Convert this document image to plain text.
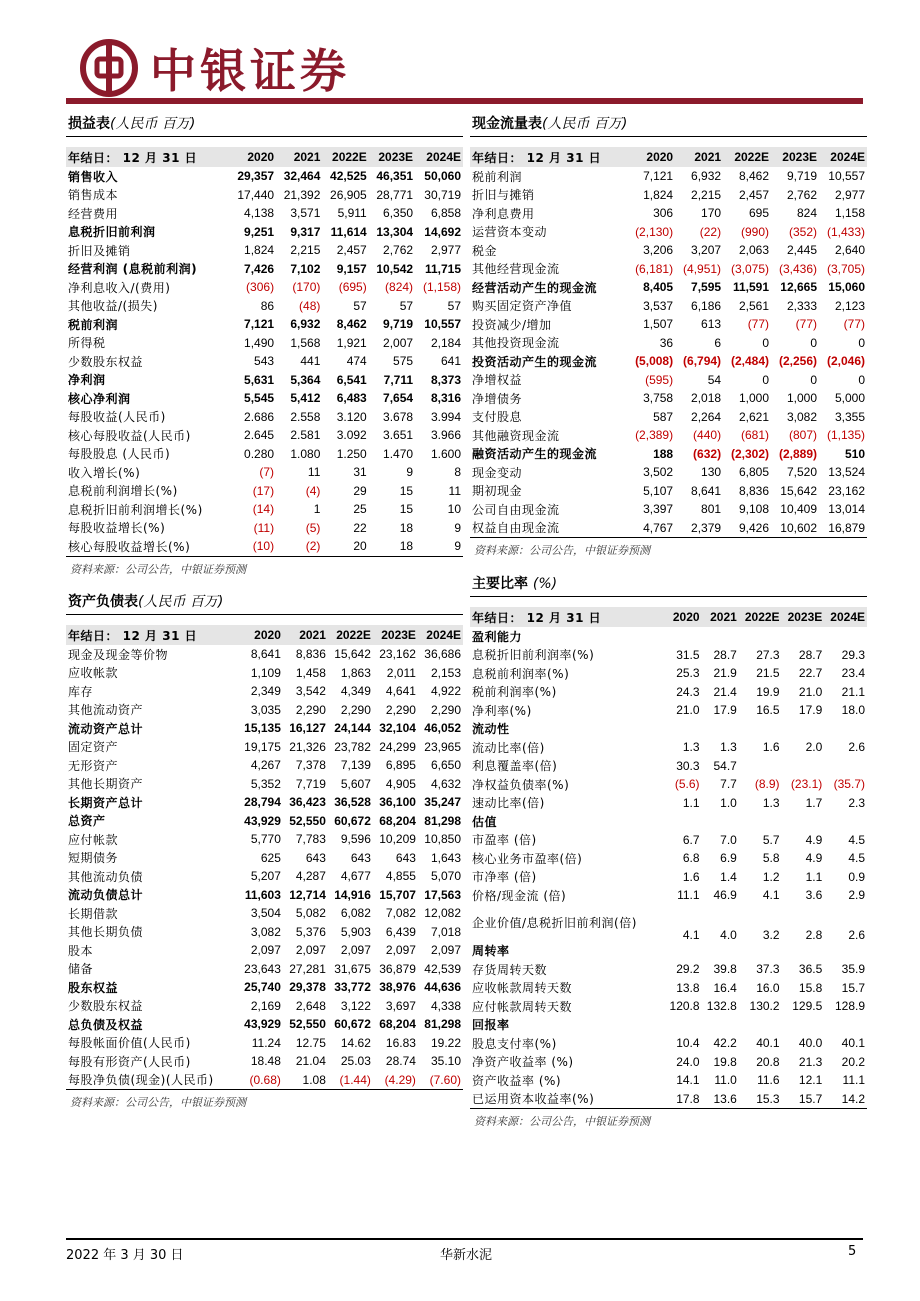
中银证券
损益表(人民币 百万)
年结日： 12 月 31 日	2020	2021	2022E	2023E	2024E
销售收入	29,357	32,464	42,525	46,351	50,060
销售成本	17,440	21,392	26,905	28,771	30,719
经营费用	4,138	3,571	5,911	6,350	6,858
息税折旧前利润	9,251	9,317	11,614	13,304	14,692
折旧及摊销	1,824	2,215	2,457	2,762	2,977
经营利润 (息税前利润)	7,426	7,102	9,157	10,542	11,715
净利息收入/(费用)	(306)	(170)	(695)	(824)	(1,158)
其他收益/(损失)	86	(48)	57	57	57
税前利润	7,121	6,932	8,462	9,719	10,557
所得税	1,490	1,568	1,921	2,007	2,184
少数股东权益	543	441	474	575	641
净利润	5,631	5,364	6,541	7,711	8,373
核心净利润	5,545	5,412	6,483	7,654	8,316
每股收益(人民币)	2.686	2.558	3.120	3.678	3.994
核心每股收益(人民币)	2.645	2.581	3.092	3.651	3.966
每股股息 (人民币)	0.280	1.080	1.250	1.470	1.600
收入增长(%)	(7)	11	31	9	8
息税前利润增长(%)	(17)	(4)	29	15	11
息税折旧前利润增长(%)	(14)	1	25	15	10
每股收益增长(%)	(11)	(5)	22	18	9
核心每股收益增长(%)	(10)	(2)	20	18	9
资料来源：公司公告，中银证券预测
现金流量表(人民币 百万)
年结日： 12 月 31 日	2020	2021	2022E	2023E	2024E
税前利润	7,121	6,932	8,462	9,719	10,557
折旧与摊销	1,824	2,215	2,457	2,762	2,977
净利息费用	306	170	695	824	1,158
运营资本变动	(2,130)	(22)	(990)	(352)	(1,433)
税金	3,206	3,207	2,063	2,445	2,640
其他经营现金流	(6,181)	(4,951)	(3,075)	(3,436)	(3,705)
经营活动产生的现金流	8,405	7,595	11,591	12,665	15,060
购买固定资产净值	3,537	6,186	2,561	2,333	2,123
投资减少/增加	1,507	613	(77)	(77)	(77)
其他投资现金流	36	6	0	0	0
投资活动产生的现金流	(5,008)	(6,794)	(2,484)	(2,256)	(2,046)
净增权益	(595)	54	0	0	0
净增债务	3,758	2,018	1,000	1,000	5,000
支付股息	587	2,264	2,621	3,082	3,355
其他融资现金流	(2,389)	(440)	(681)	(807)	(1,135)
融资活动产生的现金流	188	(632)	(2,302)	(2,889)	510
现金变动	3,502	130	6,805	7,520	13,524
期初现金	5,107	8,641	8,836	15,642	23,162
公司自由现金流	3,397	801	9,108	10,409	13,014
权益自由现金流	4,767	2,379	9,426	10,602	16,879
资料来源：公司公告，中银证券预测
资产负债表(人民币 百万)
年结日： 12 月 31 日	2020	2021	2022E	2023E	2024E
现金及现金等价物	8,641	8,836	15,642	23,162	36,686
应收帐款	1,109	1,458	1,863	2,011	2,153
库存	2,349	3,542	4,349	4,641	4,922
其他流动资产	3,035	2,290	2,290	2,290	2,290
流动资产总计	15,135	16,127	24,144	32,104	46,052
固定资产	19,175	21,326	23,782	24,299	23,965
无形资产	4,267	7,378	7,139	6,895	6,650
其他长期资产	5,352	7,719	5,607	4,905	4,632
长期资产总计	28,794	36,423	36,528	36,100	35,247
总资产	43,929	52,550	60,672	68,204	81,298
应付帐款	5,770	7,783	9,596	10,209	10,850
短期债务	625	643	643	643	1,643
其他流动负债	5,207	4,287	4,677	4,855	5,070
流动负债总计	11,603	12,714	14,916	15,707	17,563
长期借款	3,504	5,082	6,082	7,082	12,082
其他长期负债	3,082	5,376	5,903	6,439	7,018
股本	2,097	2,097	2,097	2,097	2,097
储备	23,643	27,281	31,675	36,879	42,539
股东权益	25,740	29,378	33,772	38,976	44,636
少数股东权益	2,169	2,648	3,122	3,697	4,338
总负债及权益	43,929	52,550	60,672	68,204	81,298
每股帐面价值(人民币)	11.24	12.75	14.62	16.83	19.22
每股有形资产(人民币)	18.48	21.04	25.03	28.74	35.10
每股净负债(现金)(人民币)	(0.68)	1.08	(1.44)	(4.29)	(7.60)
资料来源：公司公告，中银证券预测
主要比率 (%)
年结日： 12 月 31 日	2020	2021	2022E	2023E	2024E
盈利能力					
息税折旧前利润率(%)	31.5	28.7	27.3	28.7	29.3
息税前利润率(%)	25.3	21.9	21.5	22.7	23.4
税前利润率(%)	24.3	21.4	19.9	21.0	21.1
净利率(%)	21.0	17.9	16.5	17.9	18.0
流动性					
流动比率(倍)	1.3	1.3	1.6	2.0	2.6
利息覆盖率(倍)	30.3	54.7			
净权益负债率(%)	(5.6)	7.7	(8.9)	(23.1)	(35.7)
速动比率(倍)	1.1	1.0	1.3	1.7	2.3
估值					
市盈率 (倍)	6.7	7.0	5.7	4.9	4.5
核心业务市盈率(倍)	6.8	6.9	5.8	4.9	4.5
市净率 (倍)	1.6	1.4	1.2	1.1	0.9
价格/现金流 (倍)	11.1	46.9	4.1	3.6	2.9
企业价值/息税折旧前利润(倍)	4.1	4.0	3.2	2.8	2.6
周转率					
存货周转天数	29.2	39.8	37.3	36.5	35.9
应收帐款周转天数	13.8	16.4	16.0	15.8	15.7
应付帐款周转天数	120.8	132.8	130.2	129.5	128.9
回报率					
股息支付率(%)	10.4	42.2	40.1	40.0	40.1
净资产收益率 (%)	24.0	19.8	20.8	21.3	20.2
资产收益率 (%)	14.1	11.0	11.6	12.1	11.1
已运用资本收益率(%)	17.8	13.6	15.3	15.7	14.2
资料来源：公司公告，中银证券预测
2022 年 3 月 30 日	华新水泥	5
